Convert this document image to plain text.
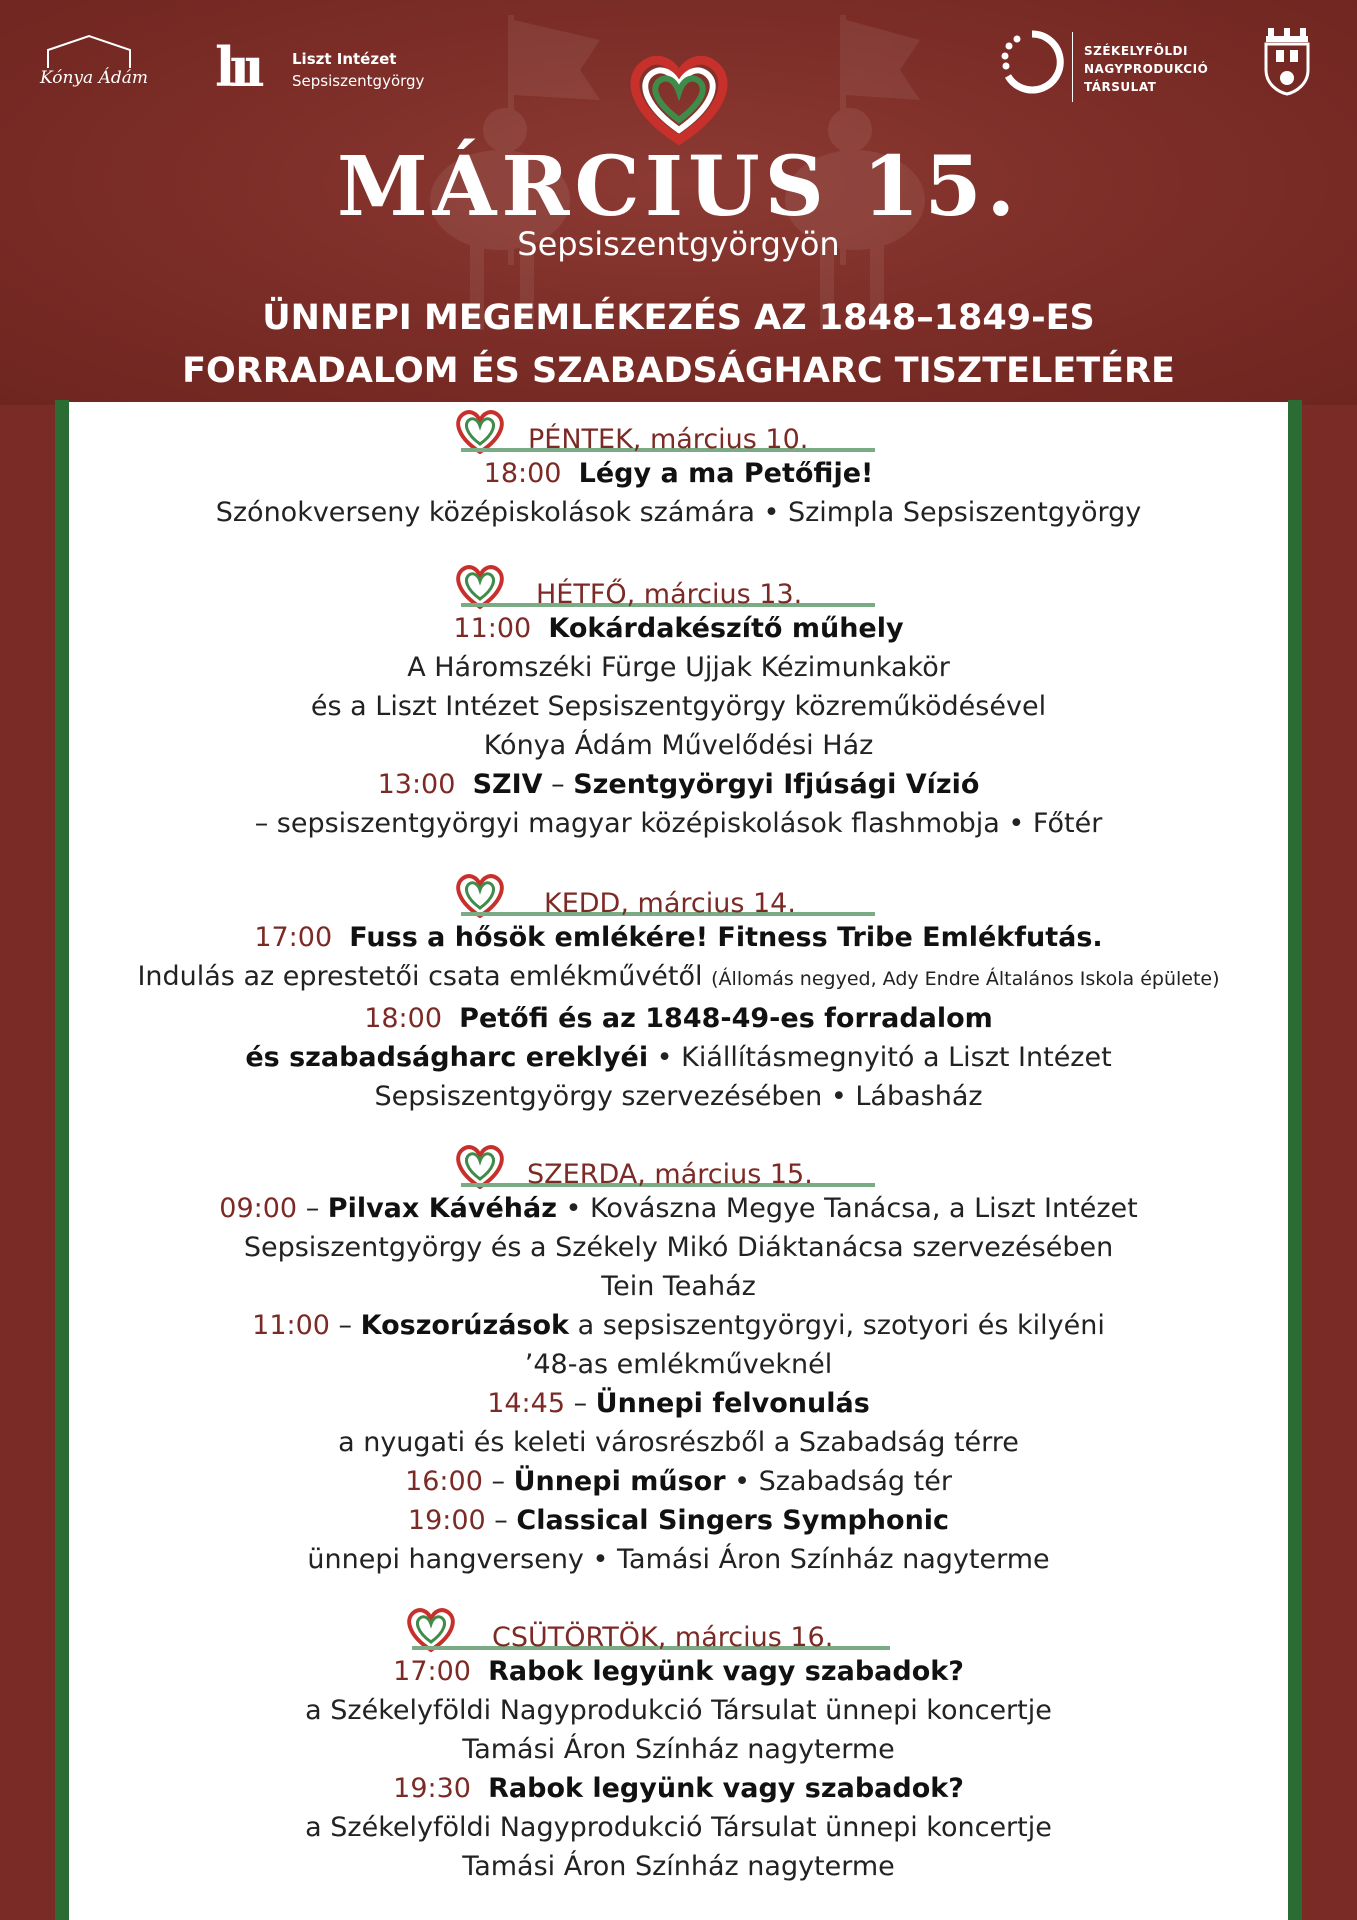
Kónya Ádám lıı Liszt Intézet
Sepsiszentgyörgy
SZÉKELYFÖLDI
NAGYPRODUKCIÓ
TÁRSULAT
MÁRCIUS 15.
Sepsiszentgyörgyön
ÜNNEPI MEGEMLÉKEZÉS AZ 1848–1849-ES
FORRADALOM ÉS SZABADSÁGHARC TISZTELETÉRE
PÉNTEK, március 10.
18:00 Légy a ma Petőfije!
Szónokverseny középiskolások számára • Szimpla Sepsiszentgyörgy
HÉTFŐ, március 13.
11:00 Kokárdakészítő műhely
A Háromszéki Fürge Ujjak Kézimunkakör
és a Liszt Intézet Sepsiszentgyörgy közreműködésével
Kónya Ádám Művelődési Ház
13:00 SZIV – Szentgyörgyi Ifjúsági Vízió
– sepsiszentgyörgyi magyar középiskolások flashmobja • Főtér
KEDD, március 14.
17:00 Fuss a hősök emlékére! Fitness Tribe Emlékfutás.
Indulás az eprestetői csata emlékművétől (Állomás negyed, Ady Endre Általános Iskola épülete)
18:00 Petőfi és az 1848-49-es forradalom
és szabadságharc ereklyéi • Kiállításmegnyitó a Liszt Intézet
Sepsiszentgyörgy szervezésében • Lábasház
SZERDA, március 15.
09:00 – Pilvax Kávéház • Kovászna Megye Tanácsa, a Liszt Intézet
Sepsiszentgyörgy és a Székely Mikó Diáktanácsa szervezésében
Tein Teaház
11:00 – Koszorúzások a sepsiszentgyörgyi, szotyori és kilyéni
’48-as emlékműveknél
14:45 – Ünnepi felvonulás
a nyugati és keleti városrészből a Szabadság térre
16:00 – Ünnepi műsor • Szabadság tér
19:00 – Classical Singers Symphonic
ünnepi hangverseny • Tamási Áron Színház nagyterme
CSÜTÖRTÖK, március 16.
17:00 Rabok legyünk vagy szabadok?
a Székelyföldi Nagyprodukció Társulat ünnepi koncertje
Tamási Áron Színház nagyterme
19:30 Rabok legyünk vagy szabadok?
a Székelyföldi Nagyprodukció Társulat ünnepi koncertje
Tamási Áron Színház nagyterme
